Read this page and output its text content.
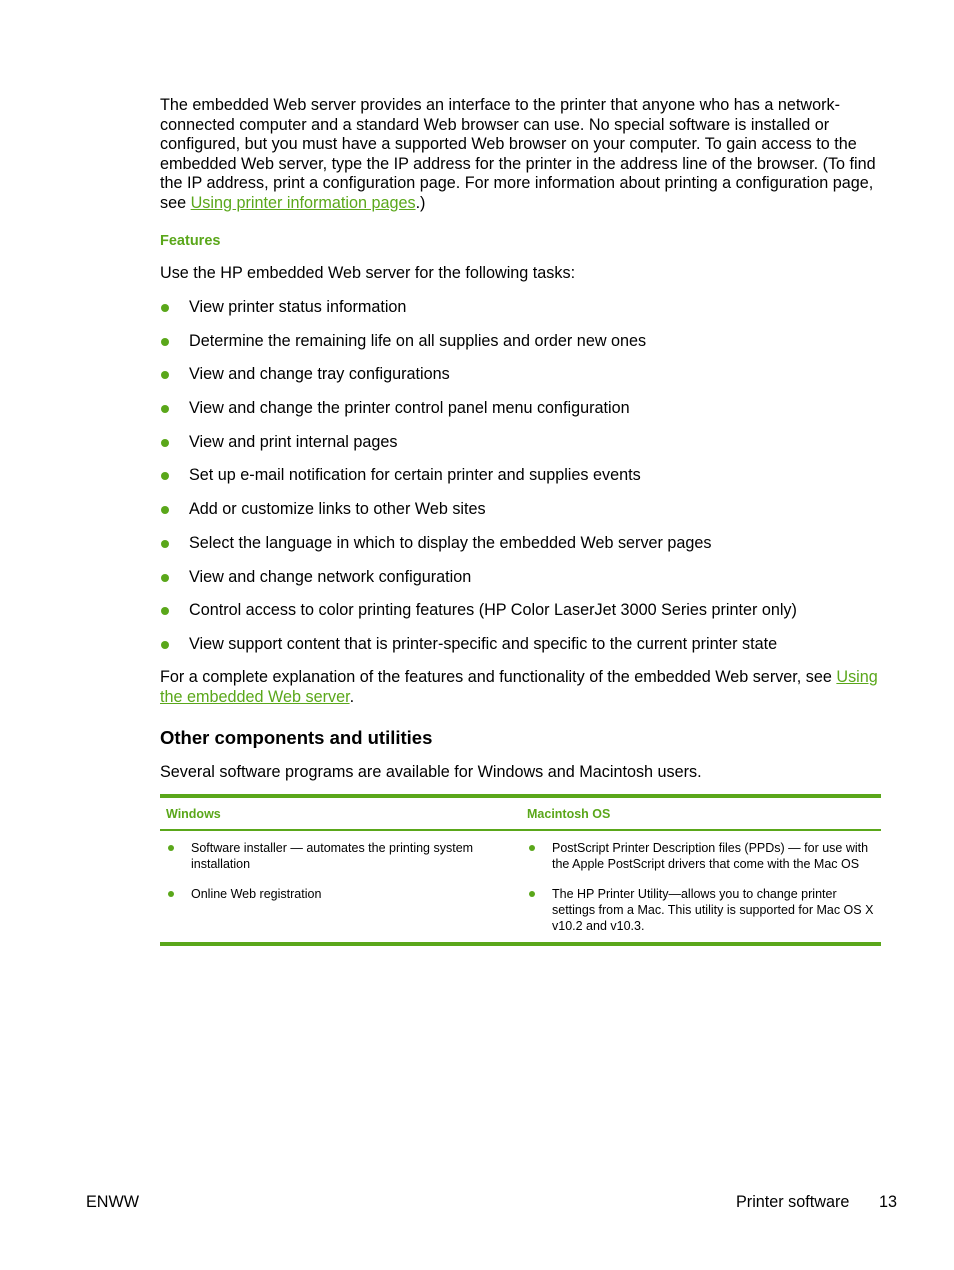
The embedded Web server provides an interface to the printer that anyone who has a network-connected computer and a standard Web browser can use. No special software is installed or configured, but you must have a supported Web browser on your computer. To gain access to the embedded Web server, type the IP address for the printer in the address line of the browser. (To find the IP address, print a configuration page. For more information about printing a configuration page, see Using printer information pages.)

Features

Use the HP embedded Web server for the following tasks:

View printer status information
Determine the remaining life on all supplies and order new ones
View and change tray configurations
View and change the printer control panel menu configuration
View and print internal pages
Set up e-mail notification for certain printer and supplies events
Add or customize links to other Web sites
Select the language in which to display the embedded Web server pages
View and change network configuration
Control access to color printing features (HP Color LaserJet 3000 Series printer only)
View support content that is printer-specific and specific to the current printer state

For a complete explanation of the features and functionality of the embedded Web server, see Using the embedded Web server.

Other components and utilities

Several software programs are available for Windows and Macintosh users.

Windows	Macintosh OS
Software installer — automates the printing system installation
Online Web registration
PostScript Printer Description files (PPDs) — for use with the Apple PostScript drivers that come with the Mac OS
The HP Printer Utility—allows you to change printer settings from a Mac. This utility is supported for Mac OS X v10.2 and v10.3.
ENWW	Printer software 13
